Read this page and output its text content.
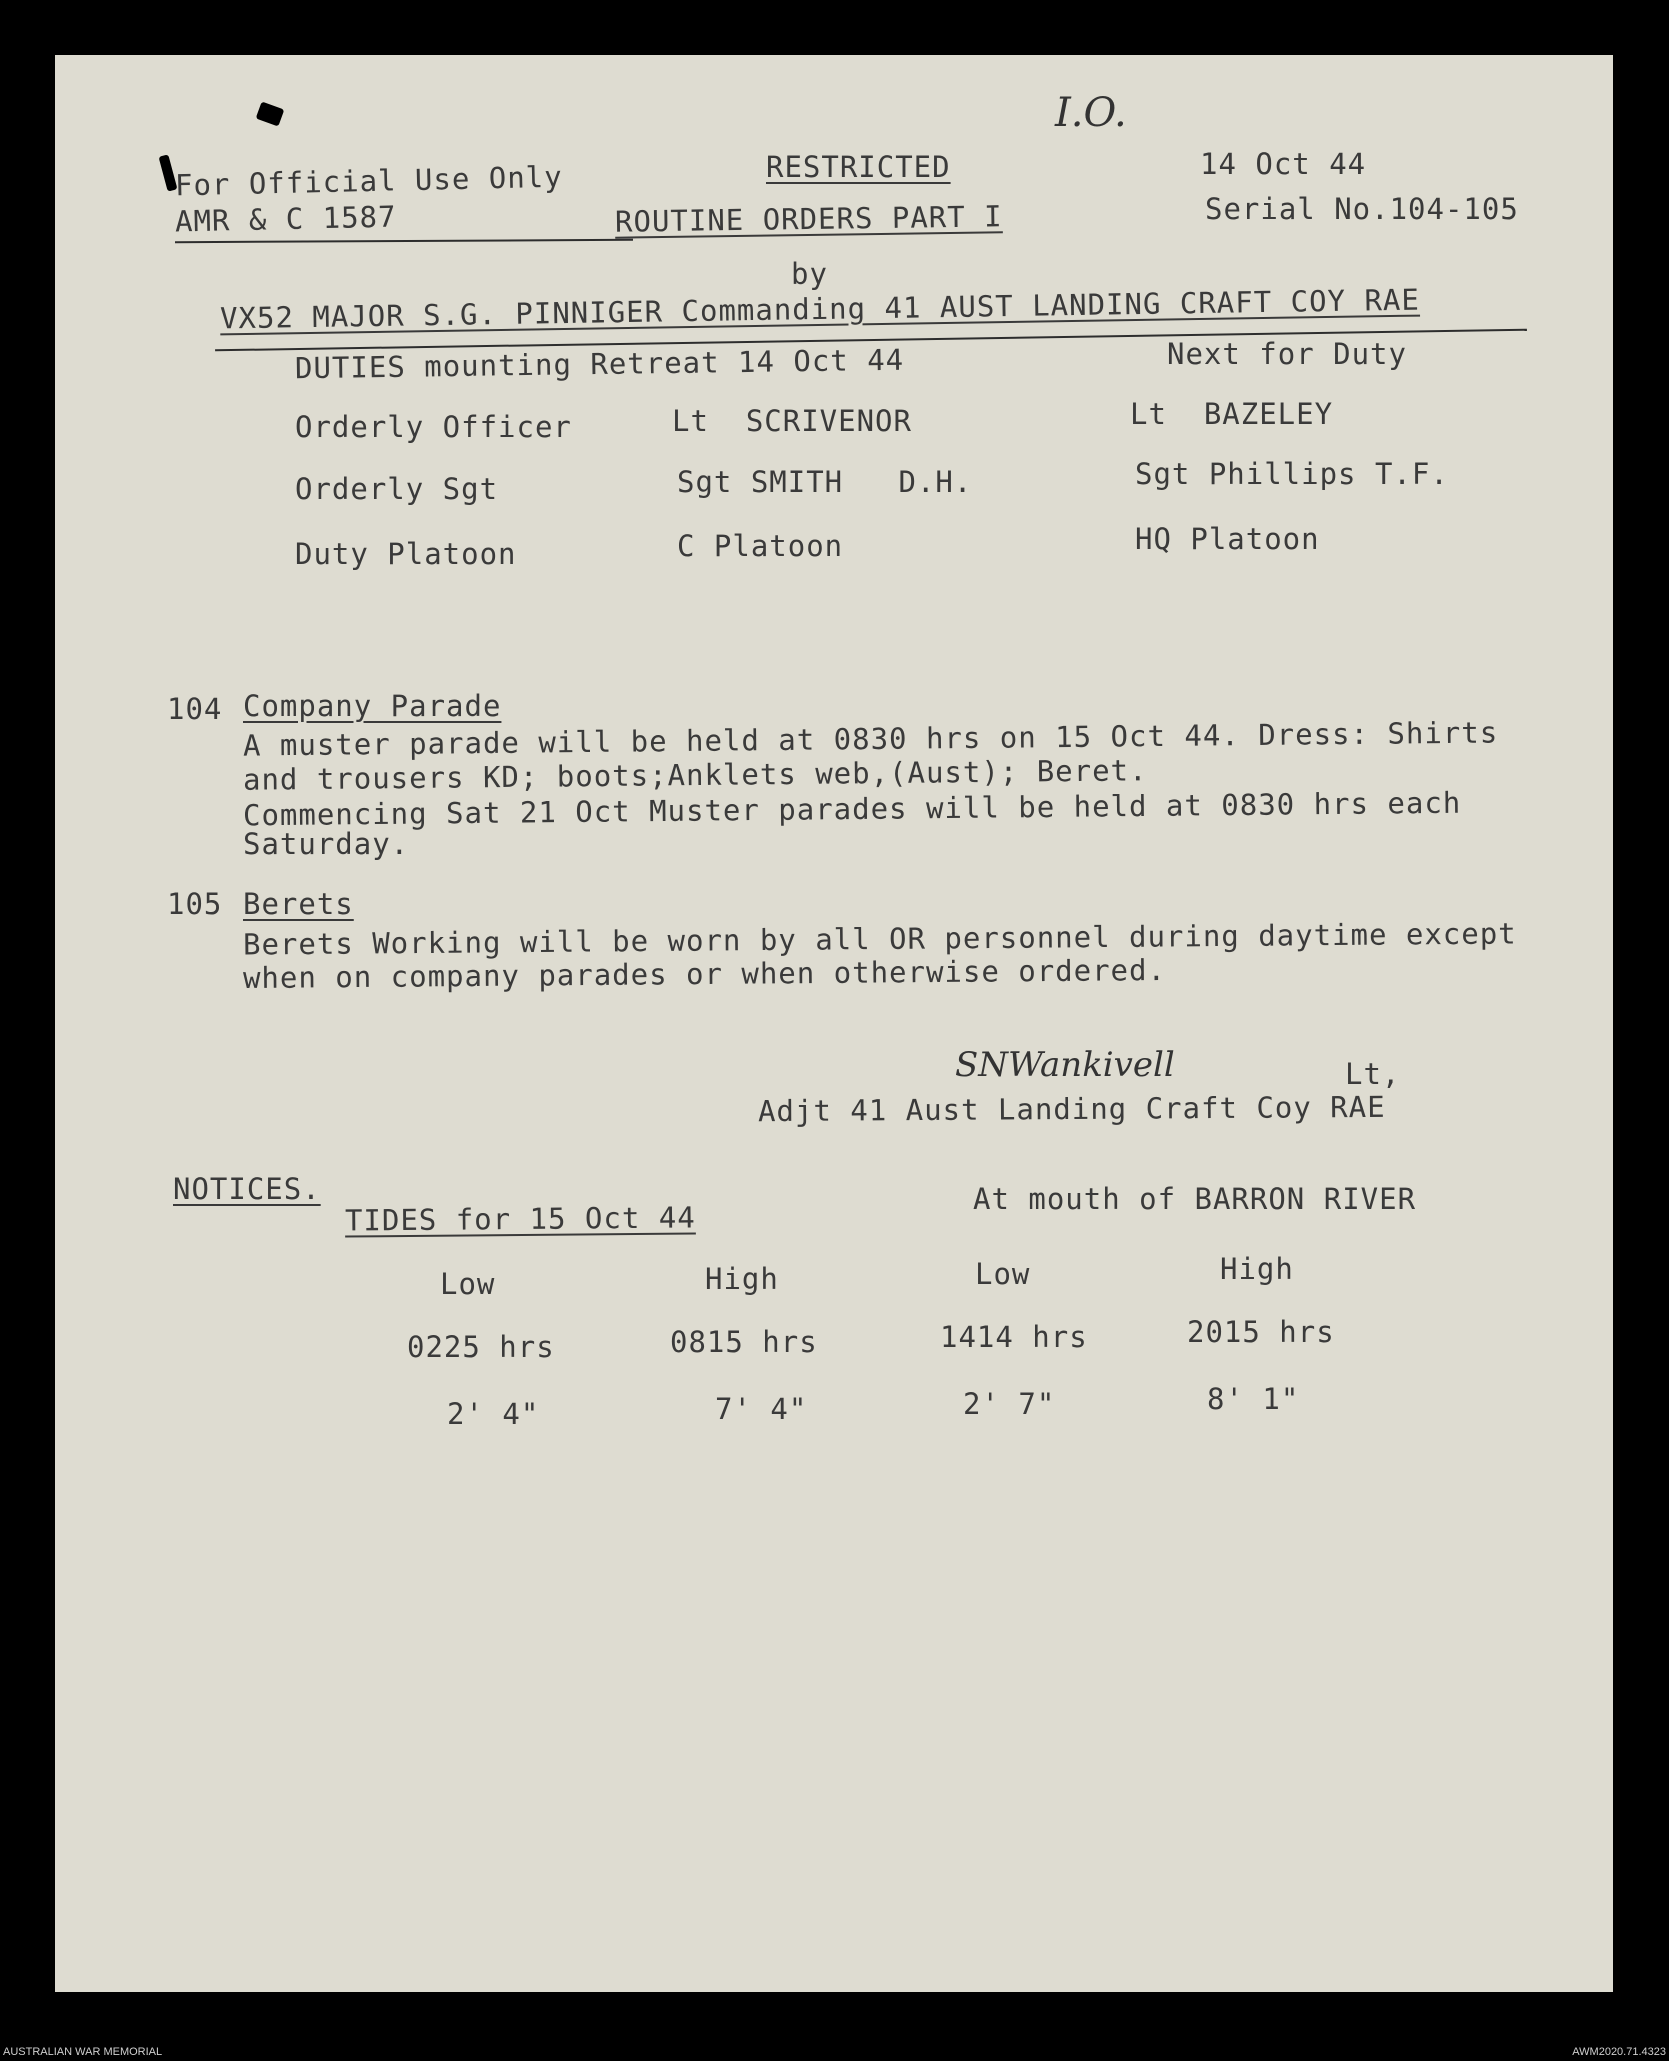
I.O.
For Official Use Only
AMR & C 1587
RESTRICTED
ROUTINE ORDERS PART I
14 Oct 44
Serial No.104-105
by
VX52 MAJOR S.G. PINNIGER Commanding 41 AUST LANDING CRAFT COY RAE
DUTIES mounting Retreat 14 Oct 44	Next for Duty
Orderly Officer	Lt  SCRIVENOR	Lt  BAZELEY
Orderly Sgt	Sgt SMITH   D.H.	Sgt Phillips T.F.
Duty Platoon	C Platoon	HQ Platoon
104 Company Parade
A muster parade will be held at 0830 hrs on 15 Oct 44. Dress: Shirts
and trousers KD; boots;Anklets web,(Aust); Beret.
Commencing Sat 21 Oct Muster parades will be held at 0830 hrs each
Saturday.
105 Berets
Berets Working will be worn by all OR personnel during daytime except
when on company parades or when otherwise ordered.
SNWankivell	Lt,
Adjt 41 Aust Landing Craft Coy RAE
NOTICES.
TIDES for 15 Oct 44
At mouth of BARRON RIVER
Low	High	Low	High
0225 hrs	0815 hrs	1414 hrs	2015 hrs
2' 4"	7' 4"	2' 7"	8' 1"
AUSTRALIAN WAR MEMORIAL	AWM2020.71.4323
